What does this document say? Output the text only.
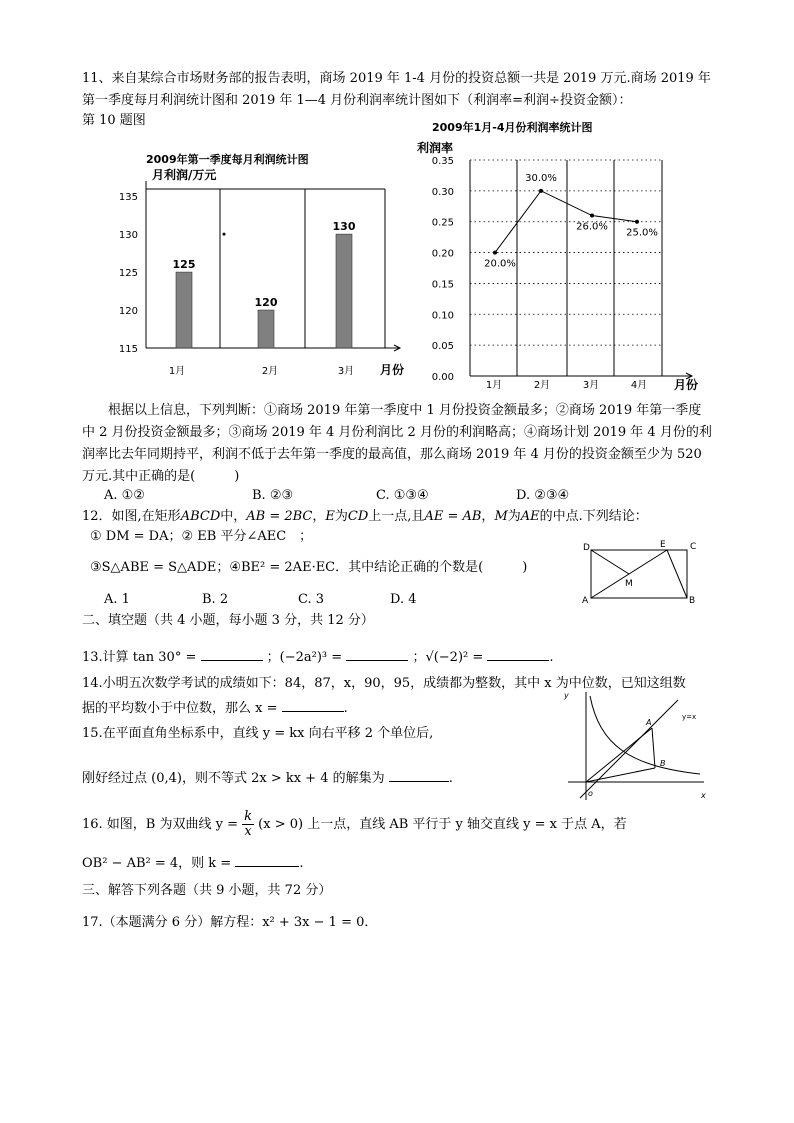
11、来自某综合市场财务部的报告表明，商场 2019 年 1-4 月份的投资总额一共是 2019 万元.商场 2019 年
第一季度每月利润统计图和 2019 年 1—4 月份利润率统计图如下（利润率=利润÷投资金额）：
第 10 题图
2009年第一季度每月利润统计图
月利润/万元
月份
115
120
125
130
135
125
1月
120
2月
130
3月
2009年1月-4月份利润率统计图
利润率
月份
0.00
0.05
0.10
0.15
0.20
0.25
0.30
0.35
20.0%
1月
30.0%
2月
26.0%
3月
25.0%
4月
根据以上信息，下列判断：①商场 2019 年第一季度中 1 月份投资金额最多；②商场 2019 年第一季度
中 2 月份投资金额最多；③商场 2019 年 4 月份利润比 2 月份的利润略高；④商场计划 2019 年 4 月份的利
润率比去年同期持平，利润不低于去年第一季度的最高值，那么商场 2019 年 4 月份的投资金额至少为 520
万元.其中正确的是(　　　)
A. ①②	B. ②③	C. ①③④	D. ②③④
12．如图,在矩形ABCD中，AB = 2BC，E为CD上一点,且AE = AB，M为AE的中点.下列结论：
① DM = DA；② EB 平分∠AEC　；
③S△ABE = S△ADE；④BE² = 2AE·EC．其中结论正确的个数是(　　　)
A. 1	B. 2	C. 3	D. 4
D	E	C
M
A	B
二、填空题（共 4 小题，每小题 3 分，共 12 分）
13.计算 tan 30° =	；(−2a²)³ =	；√(−2)² =	.
14.小明五次数学考试的成绩如下：84，87，x，90，95，成绩都为整数，其中 x 为中位数，已知这组数
据的平均数小于中位数，那么 x =	.
15.在平面直角坐标系中，直线 y = kx 向右平移 2 个单位后,
刚好经过点 (0,4)，则不等式 2x > kx + 4 的解集为	.
y
x
o
A
B
y=x
16. 如图，B 为双曲线 $y = \frac{k}{x} (x > 0)$ 上一点，直线 AB 平行于 y 轴交直线 y = x 于点 A，若
OB² − AB² = 4，则 k =	.
三、解答下列各题（共 9 小题，共 72 分）
17.（本题满分 6 分）解方程：x² + 3x − 1 = 0．
